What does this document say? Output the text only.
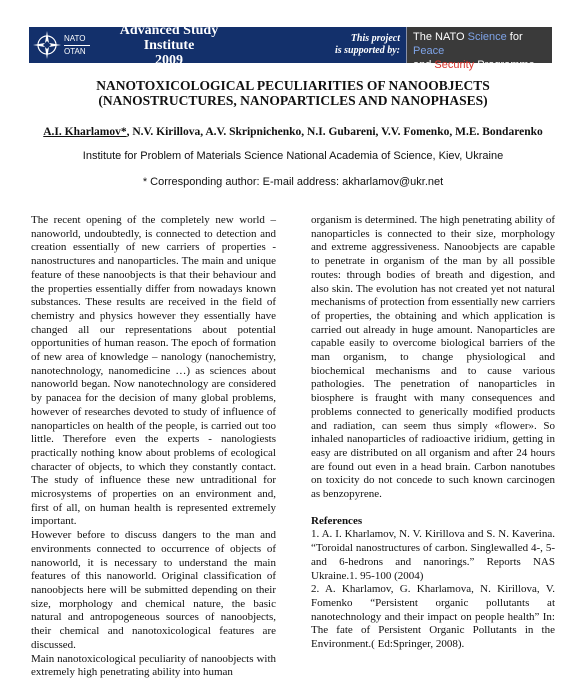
NATO
OTAN
Advanced Study Institute
2009
This project
is supported by:
The NATO Science for Peace
and Security Programme
NANOTOXICOLOGICAL PECULIARITIES OF NANOOBJECTS
(NANOSTRUCTURES, NANOPARTICLES AND NANOPHASES)
A.I. Kharlamov*, N.V. Kirillova, A.V. Skripnichenko, N.I. Gubareni, V.V. Fomenko, M.E. Bondarenko
Institute for Problem of Materials Science National Academia of Science, Kiev, Ukraine
* Corresponding author: E-mail address: akharlamov@ukr.net

The recent opening of the completely new world – nanoworld, undoubtedly, is connected to detection and creation essentially of new carriers of properties - nanostructures and nanoparticles. The main and unique feature of these nanoobjects is that their behaviour and the properties essentially differ from nowadays known substances. These results are received in the field of chemistry and physics however they essentially have changed all our representations about potential opportunities of human reason. The epoch of formation of new area of knowledge – nanology (nanochemistry, nanotechnology, nanomedicine …) as sciences about nanoworld began. Now nanotechnology are considered by panacea for the decision of many global problems, however of researches devoted to study of influence of nanoparticles on health of the people, is carried out too little. Therefore even the experts - nanologiests practically nothing know about problems of ecological character of objects, to which they constantly contact. The study of influence these new untraditional for microsystems of properties on an environment and, first of all, on human health is represented extremely important.

However before to discuss dangers to the man and environments connected to occurrence of objects of nanoworld, it is necessary to understand the main features of this nanoworld. Original classification of nanoobjects here will be submitted depending on their size, morphology and chemical nature, the basic natural and antropogeneous sources of nanoobjects, their chemical and nanotoxicological features are discussed.

Main nanotoxicological peculiarity of nanoobjects with extremely high penetrating ability into human

organism is determined. The high penetrating ability of nanoparticles is connected to their size, morphology and extreme aggressiveness. Nanoobjects are capable to penetrate in organism of the man by all possible routes: through bodies of breath and digestion, and also skin. The evolution has not created yet not natural mechanisms of protection from essentially new carriers of properties, the obtaining and which application is carried out already in huge amount. Nanoparticles are capable easily to overcome biological barriers of the man organism, to change physiological and biochemical mechanisms and to cause various pathologies. The penetration of nanoparticles in biosphere is fraught with many consequences and problems connected to generically modified products and radiation, can seem thus simply «flower». So inhaled nanoparticles of radioactive iridium, getting in easy are distributed on all organism and after 24 hours are found out even in a head brain. Carbon nanotubes on toxicity do not concede to such known carcinogen as benzopyrene.

References

1. A. I. Kharlamov, N. V. Kirillova and S. N. Kaverina. “Toroidal nanostructures of carbon. Singlewalled 4-, 5- and 6-hedrons and nanorings.” Reports NAS Ukraine.1. 95-100 (2004)

2. A. Kharlamov, G. Kharlamova, N. Kirillova, V. Fomenko “Persistent organic pollutants at nanotechnology and their impact on people health” In: The fate of Persistent Organic Pollutants in the Environment.( Ed:Springer, 2008).
